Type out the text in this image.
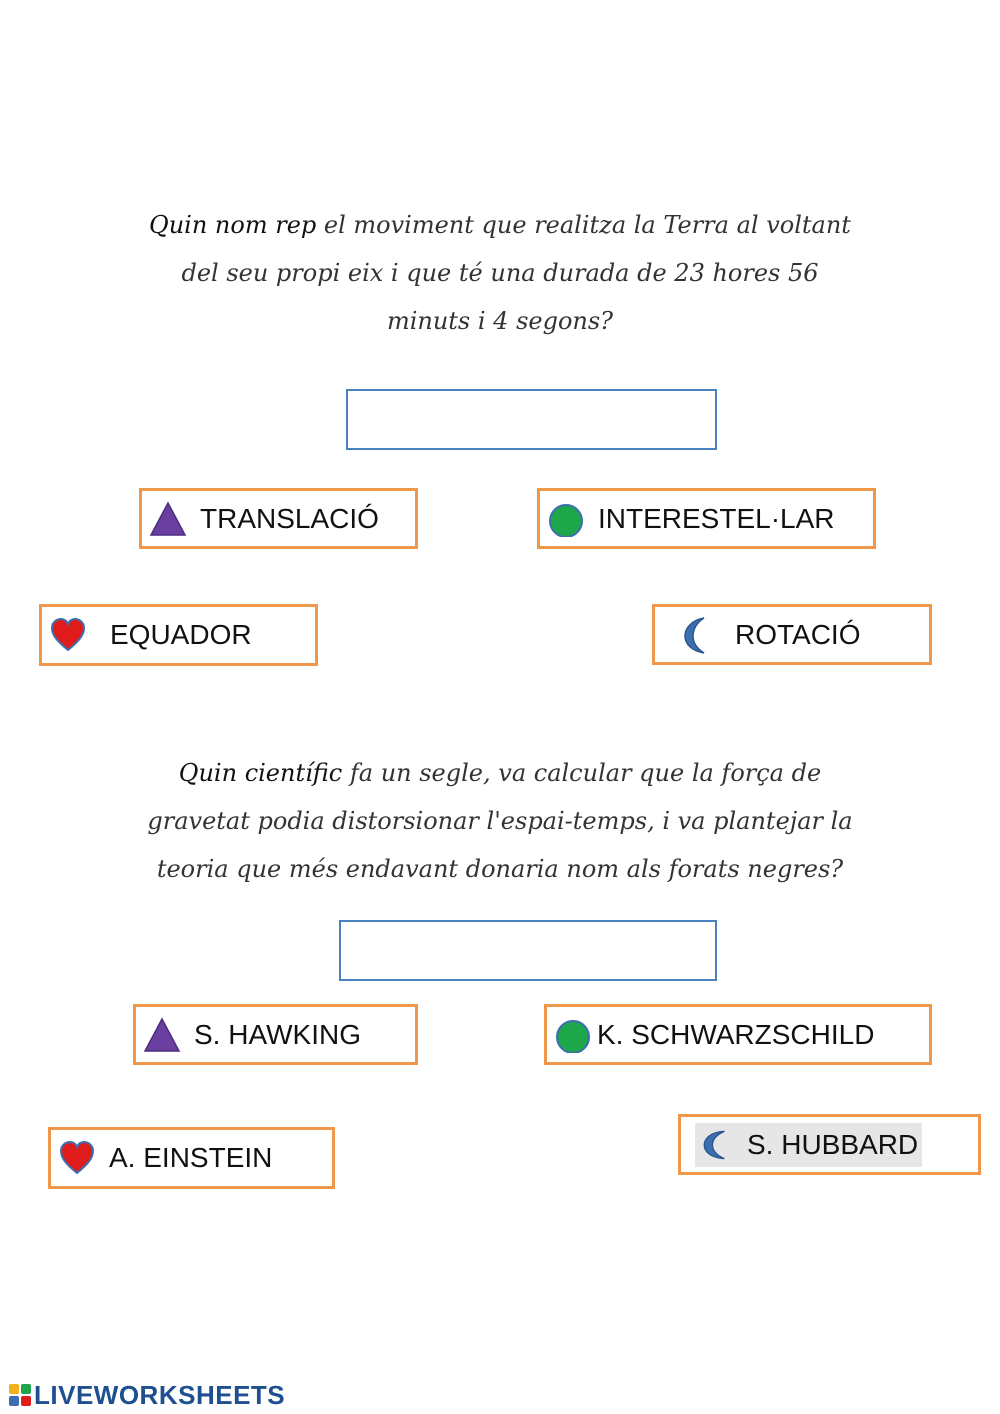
Quin nom rep el moviment que realitza la Terra al voltant
del seu propi eix i que té una durada de 23 hores 56
minuts i 4 segons?
TRANSLACIÓ	INTERESTEL·LAR
EQUADOR	ROTACIÓ
Quin científic fa un segle, va calcular que la força de
gravetat podia distorsionar l'espai-temps, i va plantejar la
teoria que més endavant donaria nom als forats negres?
S. HAWKING	K. SCHWARZSCHILD
A. EINSTEIN	S. HUBBARD
LIVEWORKSHEETS
